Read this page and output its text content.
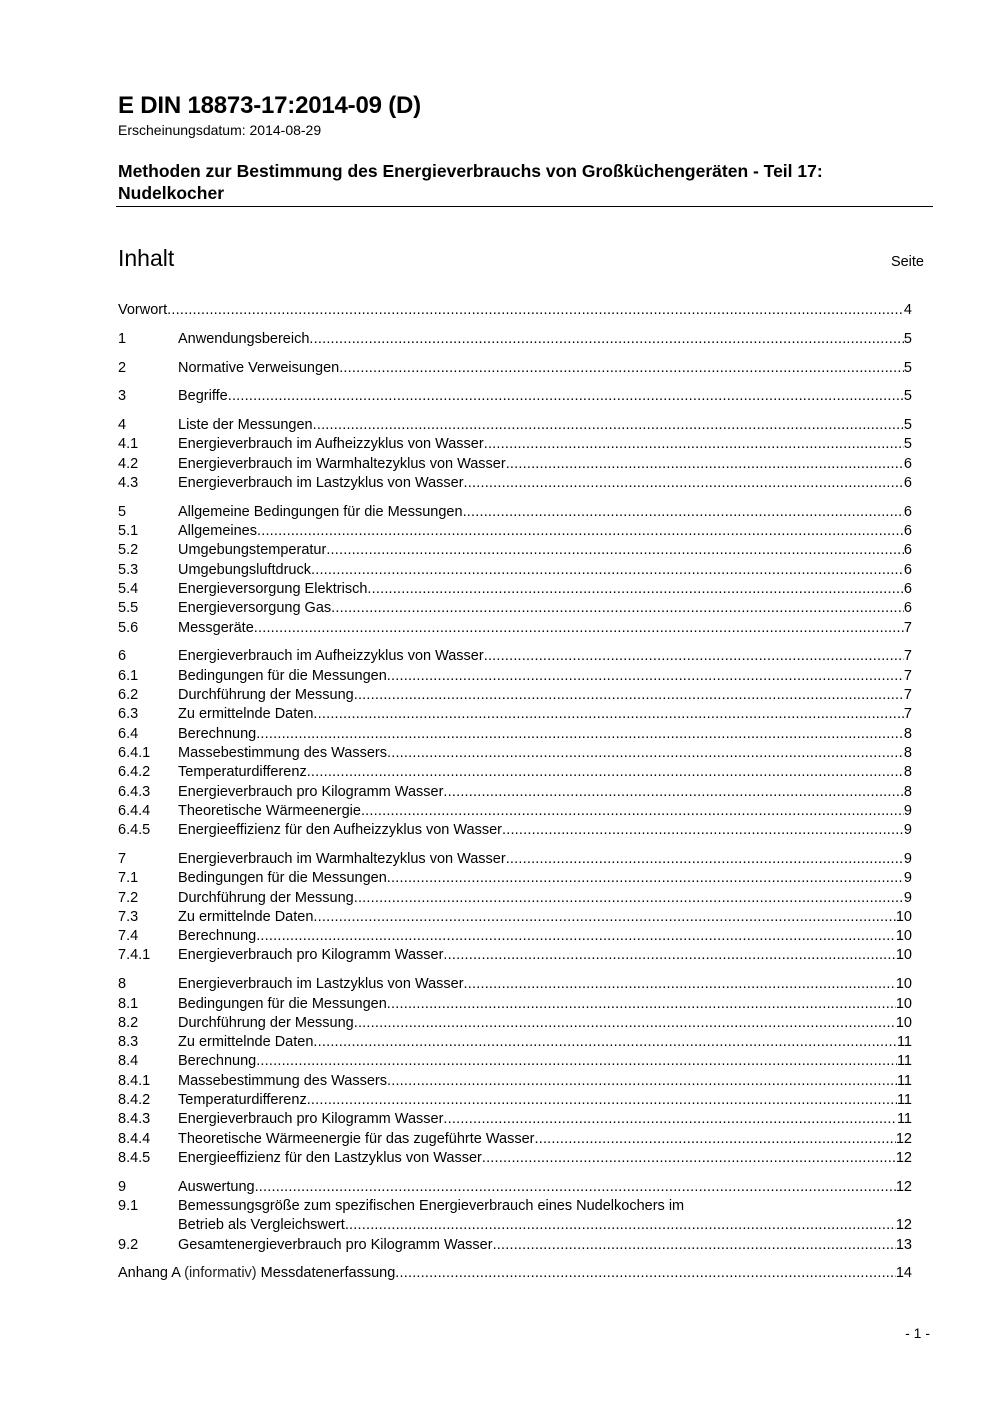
E DIN 18873-17:2014-09 (D)
Erscheinungsdatum: 2014-08-29
Methoden zur Bestimmung des Energieverbrauchs von Großküchengeräten - Teil 17: Nudelkocher
Inhalt	Seite
Vorwort .....	4
1	Anwendungsbereich .....	5
2	Normative Verweisungen .....	5
3	Begriffe .....	5
4	Liste der Messungen .....	5
4.1	Energieverbrauch im Aufheizzyklus von Wasser .....	5
4.2	Energieverbrauch im Warmhaltezyklus von Wasser .....	6
4.3	Energieverbrauch im Lastzyklus von Wasser .....	6
5	Allgemeine Bedingungen für die Messungen .....	6
5.1	Allgemeines .....	6
5.2	Umgebungstemperatur .....	6
5.3	Umgebungsluftdruck .....	6
5.4	Energieversorgung Elektrisch .....	6
5.5	Energieversorgung Gas .....	6
5.6	Messgeräte .....	7
6	Energieverbrauch im Aufheizzyklus von Wasser .....	7
6.1	Bedingungen für die Messungen .....	7
6.2	Durchführung der Messung .....	7
6.3	Zu ermittelnde Daten .....	7
6.4	Berechnung .....	8
6.4.1	Massebestimmung des Wassers .....	8
6.4.2	Temperaturdifferenz .....	8
6.4.3	Energieverbrauch pro Kilogramm Wasser .....	8
6.4.4	Theoretische Wärmeenergie .....	9
6.4.5	Energieeffizienz für den Aufheizzyklus von Wasser .....	9
7	Energieverbrauch im Warmhaltezyklus von Wasser .....	9
7.1	Bedingungen für die Messungen .....	9
7.2	Durchführung der Messung .....	9
7.3	Zu ermittelnde Daten .....	10
7.4	Berechnung .....	10
7.4.1	Energieverbrauch pro Kilogramm Wasser .....	10
8	Energieverbrauch im Lastzyklus von Wasser .....	10
8.1	Bedingungen für die Messungen .....	10
8.2	Durchführung der Messung .....	10
8.3	Zu ermittelnde Daten .....	11
8.4	Berechnung .....	11
8.4.1	Massebestimmung des Wassers .....	11
8.4.2	Temperaturdifferenz .....	11
8.4.3	Energieverbrauch pro Kilogramm Wasser .....	11
8.4.4	Theoretische Wärmeenergie für das zugeführte Wasser .....	12
8.4.5	Energieeffizienz für den Lastzyklus von Wasser .....	12
9	Auswertung .....	12
9.1	Bemessungsgröße zum spezifischen Energieverbrauch eines Nudelkochers im
Betrieb als Vergleichswert .....	12
9.2	Gesamtenergieverbrauch pro Kilogramm Wasser .....	13
Anhang A (informativ) Messdatenerfassung .....	14
- 1 -
